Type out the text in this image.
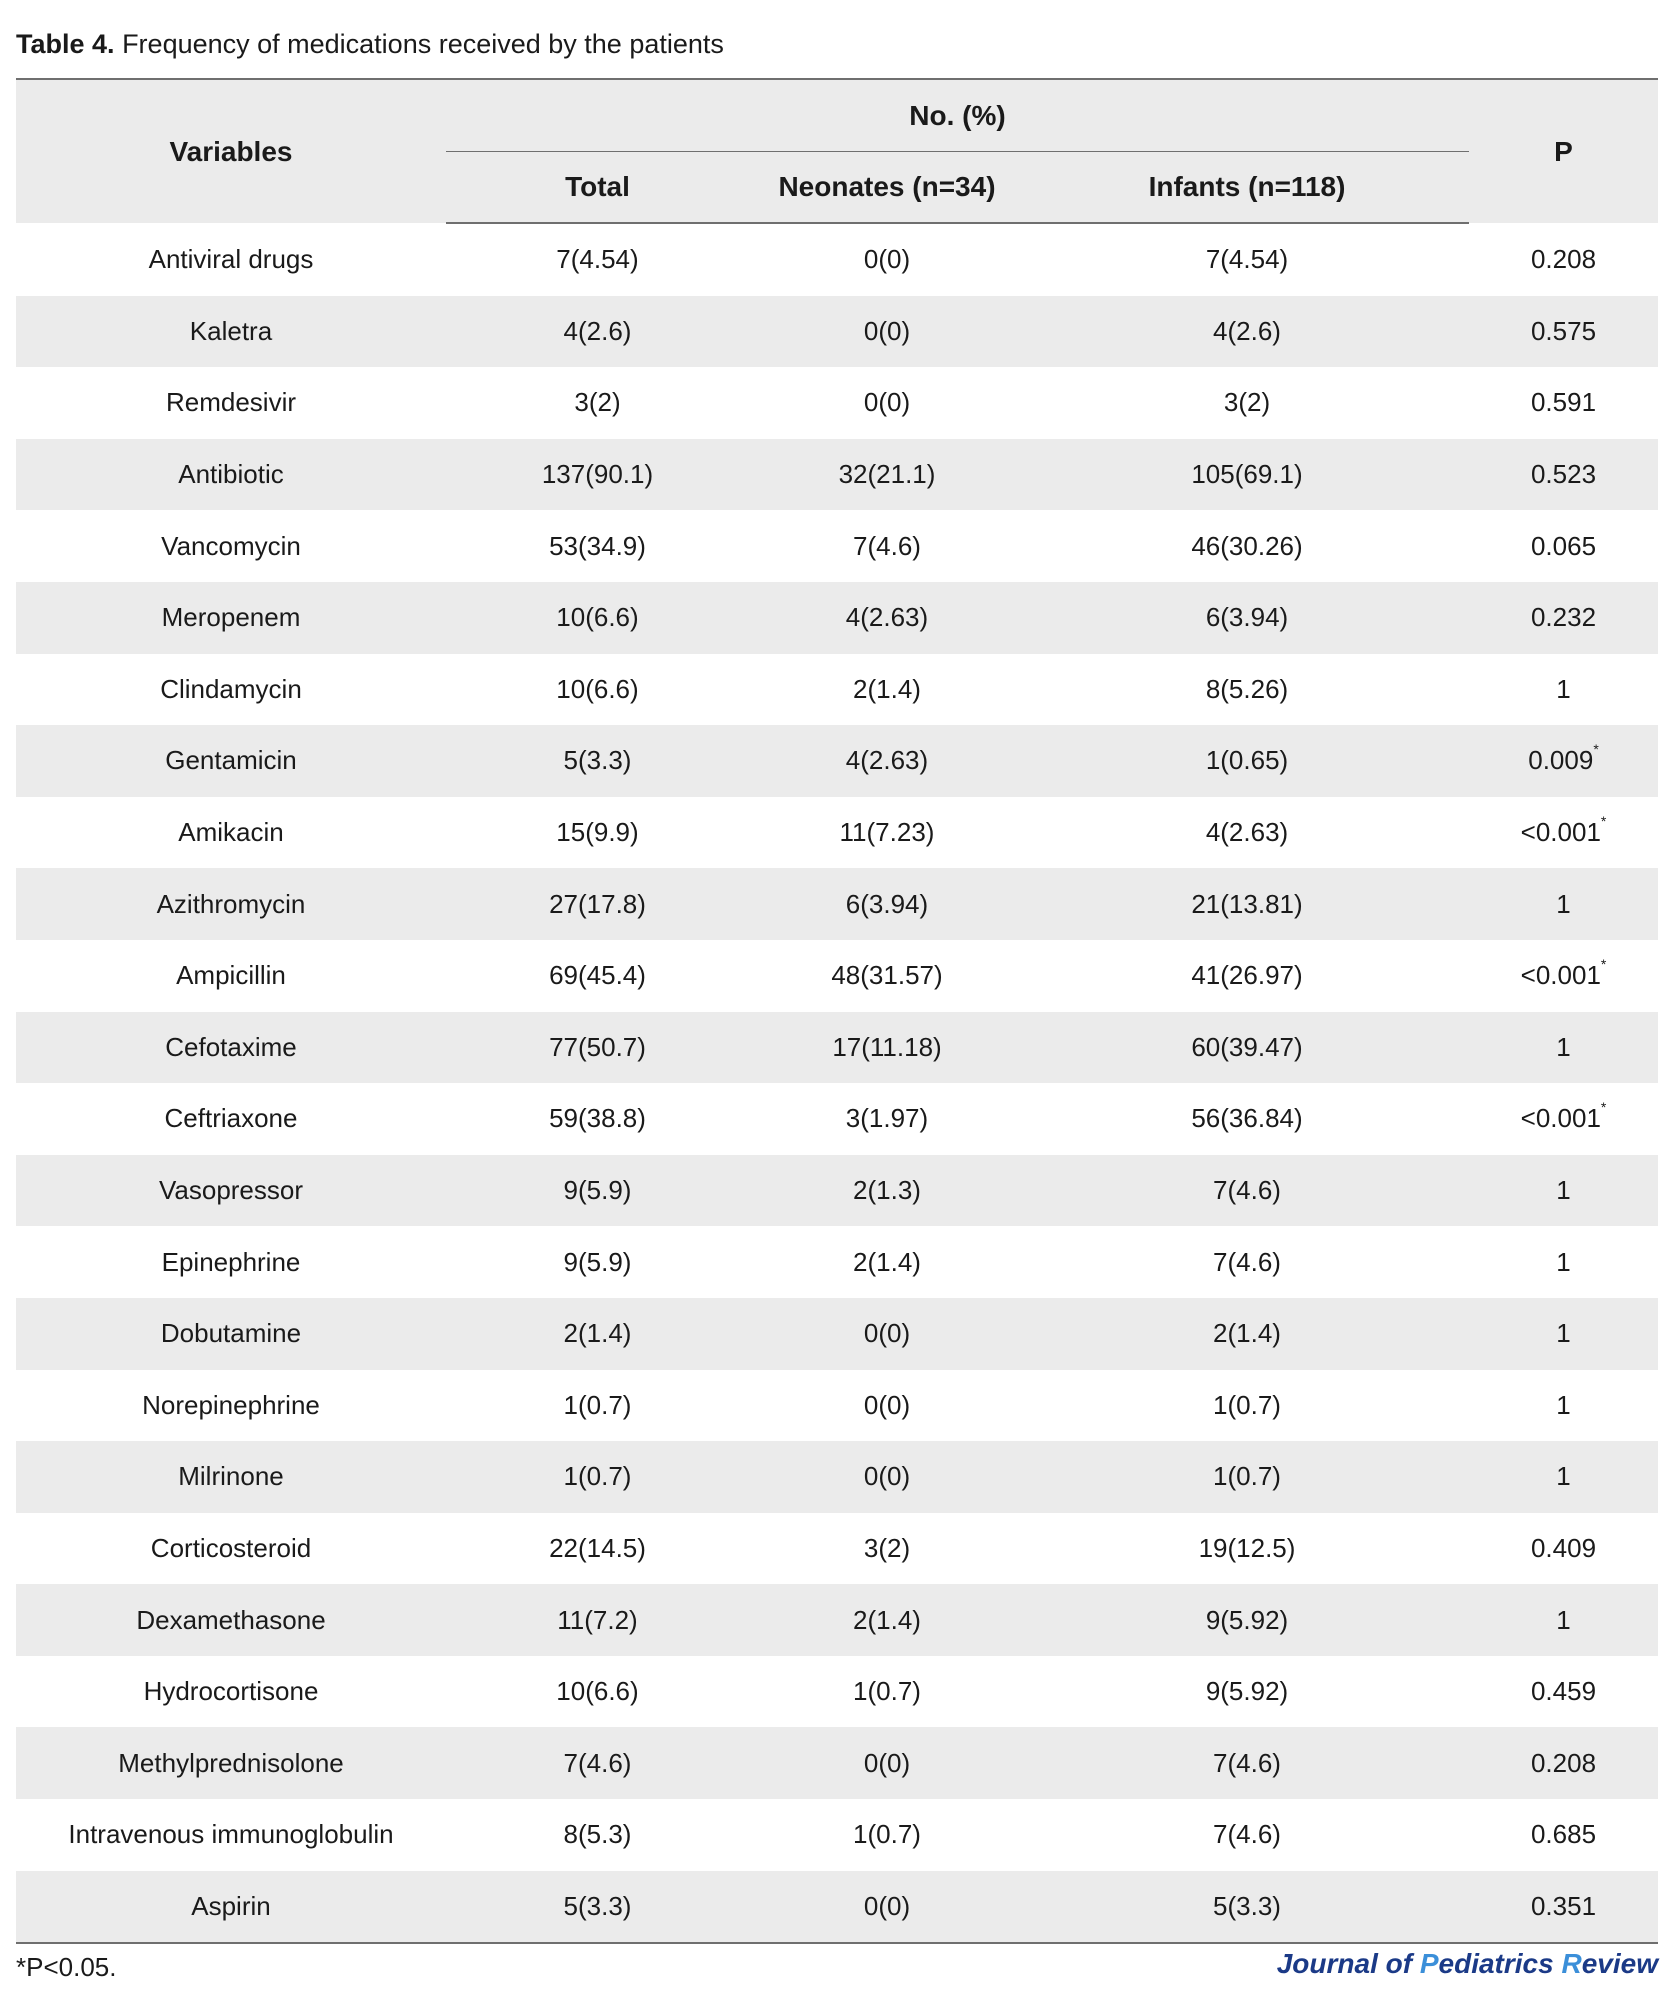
Table 4. Frequency of medications received by the patients
Variables	No. (%)			P
	Total	Neonates (n=34)	Infants (n=118)	
Antiviral drugs	7(4.54)	0(0)	7(4.54)	0.208
Kaletra	4(2.6)	0(0)	4(2.6)	0.575
Remdesivir	3(2)	0(0)	3(2)	0.591
Antibiotic	137(90.1)	32(21.1)	105(69.1)	0.523
Vancomycin	53(34.9)	7(4.6)	46(30.26)	0.065
Meropenem	10(6.6)	4(2.63)	6(3.94)	0.232
Clindamycin	10(6.6)	2(1.4)	8(5.26)	1
Gentamicin	5(3.3)	4(2.63)	1(0.65)	0.009*
Amikacin	15(9.9)	11(7.23)	4(2.63)	<0.001*
Azithromycin	27(17.8)	6(3.94)	21(13.81)	1
Ampicillin	69(45.4)	48(31.57)	41(26.97)	<0.001*
Cefotaxime	77(50.7)	17(11.18)	60(39.47)	1
Ceftriaxone	59(38.8)	3(1.97)	56(36.84)	<0.001*
Vasopressor	9(5.9)	2(1.3)	7(4.6)	1
Epinephrine	9(5.9)	2(1.4)	7(4.6)	1
Dobutamine	2(1.4)	0(0)	2(1.4)	1
Norepinephrine	1(0.7)	0(0)	1(0.7)	1
Milrinone	1(0.7)	0(0)	1(0.7)	1
Corticosteroid	22(14.5)	3(2)	19(12.5)	0.409
Dexamethasone	11(7.2)	2(1.4)	9(5.92)	1
Hydrocortisone	10(6.6)	1(0.7)	9(5.92)	0.459
Methylprednisolone	7(4.6)	0(0)	7(4.6)	0.208
Intravenous immunoglobulin	8(5.3)	1(0.7)	7(4.6)	0.685
Aspirin	5(3.3)	0(0)	5(3.3)	0.351
*P<0.05.	Journal of Pediatrics Review
